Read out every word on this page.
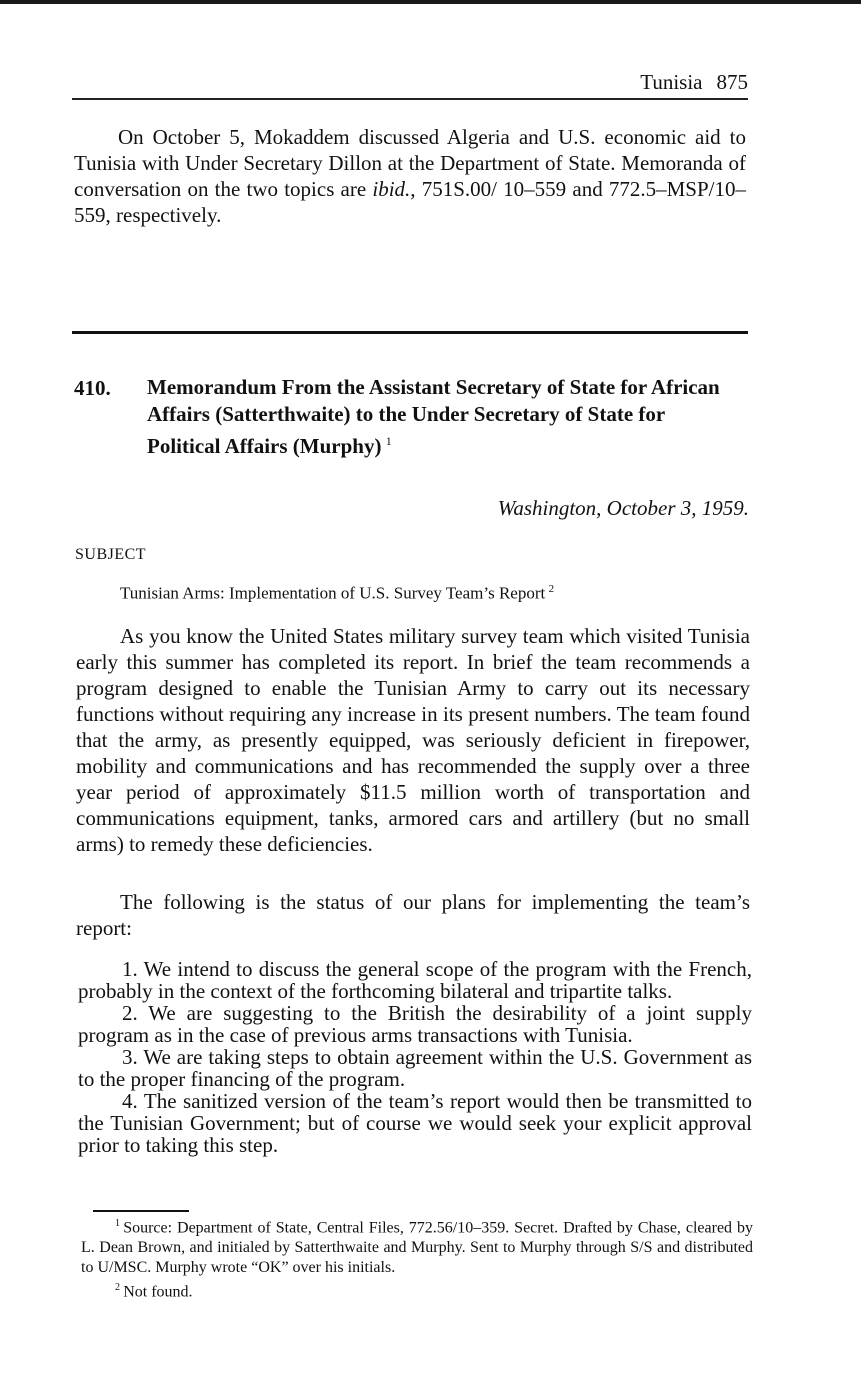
Tunisia 875

On October 5, Mokaddem discussed Algeria and U.S. economic aid to Tunisia with Under Secretary Dillon at the Department of State. Memoranda of conversation on the two topics are ibid., 751S.00/ 10–559 and 772.5–MSP/10–559, respectively.

410. Memorandum From the Assistant Secretary of State for African Affairs (Satterthwaite) to the Under Secretary of State for Political Affairs (Murphy)  $^1$

Washington, October 3, 1959.
SUBJECT
Tunisian Arms: Implementation of U.S. Survey Team’s Report  $^2$

As you know the United States military survey team which visited Tunisia early this summer has completed its report. In brief the team recommends a program designed to enable the Tunisian Army to carry out its necessary functions without requiring any increase in its present numbers. The team found that the army, as presently equipped, was seriously deficient in firepower, mobility and communications and has recommended the supply over a three year period of approximately $11.5 million worth of transportation and communications equipment, tanks, armored cars and artillery (but no small arms) to remedy these deficiencies.

The following is the status of our plans for implementing the team’s report:

1. We intend to discuss the general scope of the program with the French, probably in the context of the forthcoming bilateral and tripartite talks.
2. We are suggesting to the British the desirability of a joint supply program as in the case of previous arms transactions with Tunisia.
3. We are taking steps to obtain agreement within the U.S. Government as to the proper financing of the program.
4. The sanitized version of the team’s report would then be transmitted to the Tunisian Government; but of course we would seek your explicit approval prior to taking this step.

$^1$  Source: Department of State, Central Files, 772.56/10–359. Secret. Drafted by Chase, cleared by L. Dean Brown, and initialed by Satterthwaite and Murphy. Sent to Murphy through S/S and distributed to U/MSC. Murphy wrote “OK” over his initials.

$^2$  Not found.
